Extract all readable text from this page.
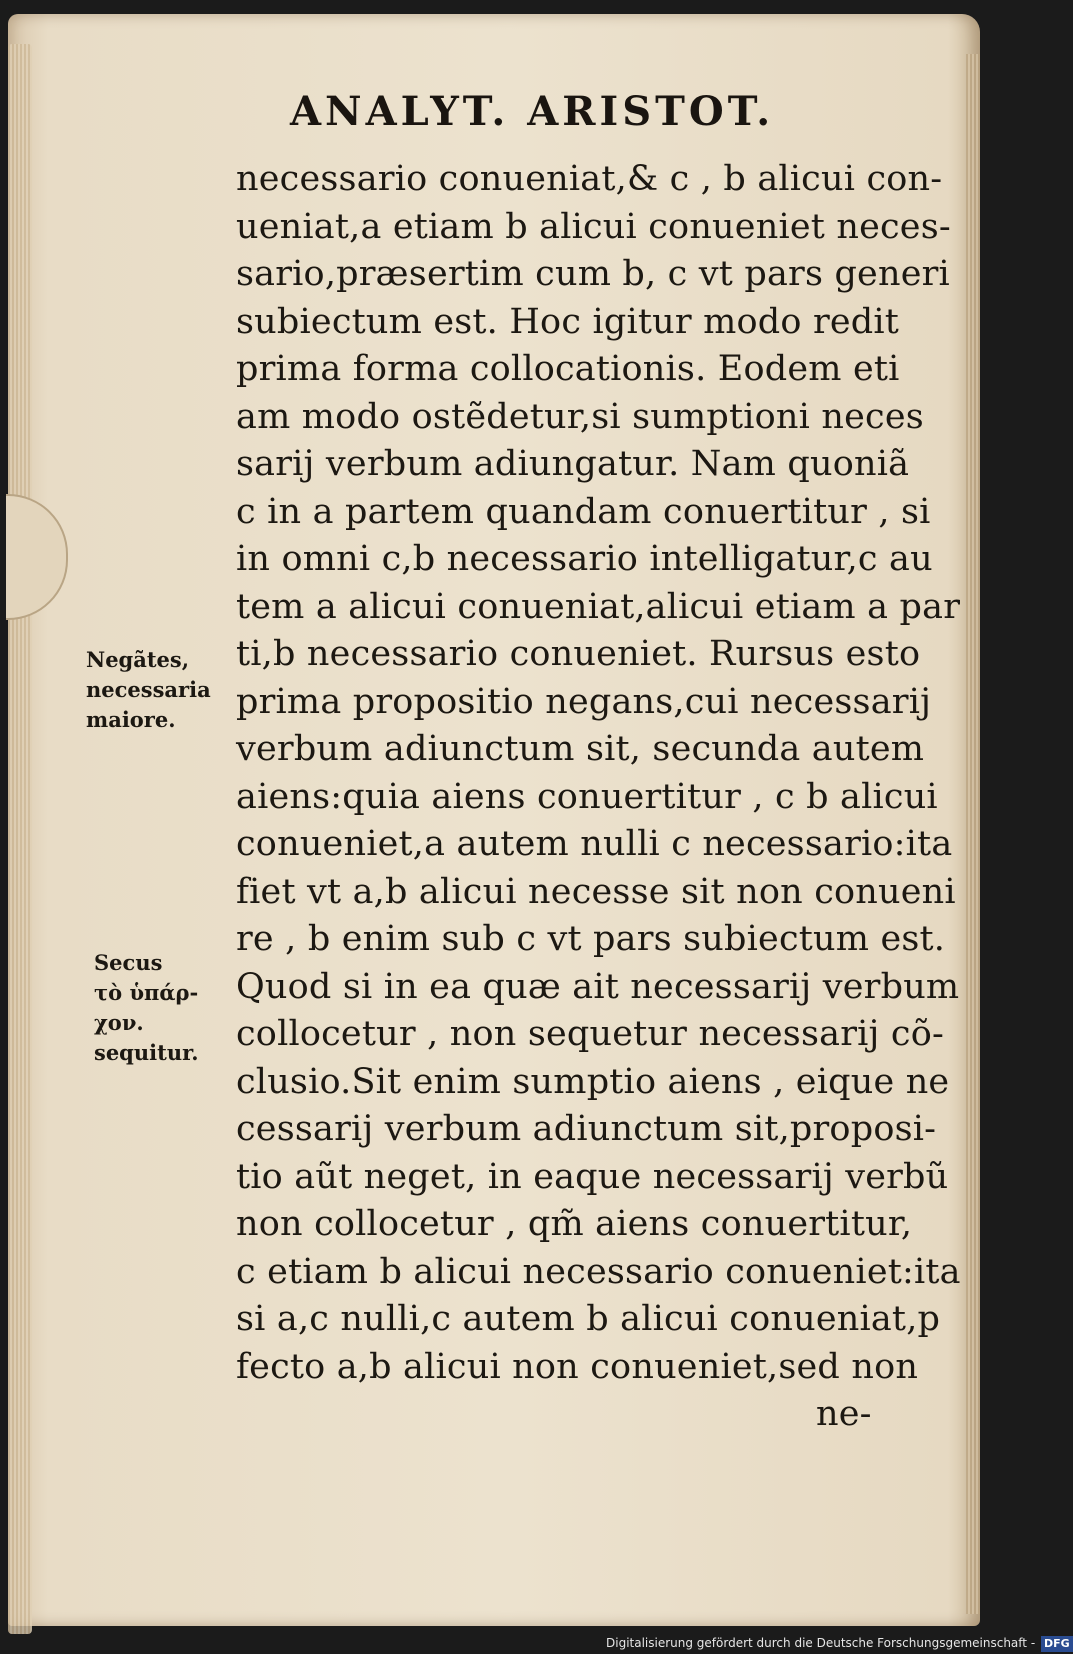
ANALYT. ARISTOT.
necessario conueniat,& c , b alicui con-
ueniat,a etiam b alicui conueniet neces-
sario,præsertim cum b, c vt pars generi
subiectum est. Hoc igitur modo redit
prima forma collocationis. Eodem eti
am modo ostẽdetur,si sumptioni neces
sarij verbum adiungatur. Nam quoniã
c in a partem quandam conuertitur , si
in omni c,b necessario intelligatur,c au
tem a alicui conueniat,alicui etiam a par
ti,b necessario conueniet. Rursus esto
prima propositio negans,cui necessarij
verbum adiunctum sit, secunda autem
aiens:quia aiens conuertitur , c b alicui
conueniet,a autem nulli c necessario:ita
fiet vt a,b alicui necesse sit non conueni
re , b enim sub c vt pars subiectum est.
Quod si in ea quæ ait necessarij verbum
collocetur , non sequetur necessarij cõ-
clusio.Sit enim sumptio aiens , eique ne
cessarij verbum adiunctum sit,proposi-
tio aũt neget, in eaque necessarij verbũ
non collocetur , qm̃ aiens conuertitur,
c etiam b alicui necessario conueniet:ita
si a,c nulli,c autem b alicui conueniat,p
fecto a,b alicui non conueniet,sed non
ne-
Negãtes,
necessaria
maiore.
Secus
τὸ ὑπάρ-
χον.
sequitur.
Digitalisierung gefördert durch die Deutsche Forschungsgemeinschaft - DFG
